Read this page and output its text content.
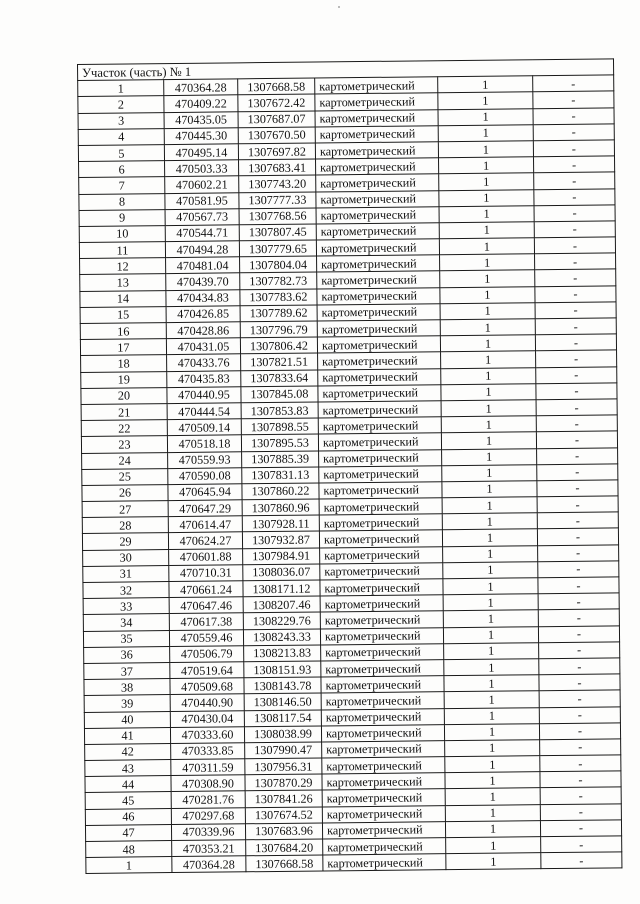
Участок (часть) № 1					
1	470364.28	1307668.58	картометрический	1	-
2	470409.22	1307672.42	картометрический	1	-
3	470435.05	1307687.07	картометрический	1	-
4	470445.30	1307670.50	картометрический	1	-
5	470495.14	1307697.82	картометрический	1	-
6	470503.33	1307683.41	картометрический	1	-
7	470602.21	1307743.20	картометрический	1	-
8	470581.95	1307777.33	картометрический	1	-
9	470567.73	1307768.56	картометрический	1	-
10	470544.71	1307807.45	картометрический	1	-
11	470494.28	1307779.65	картометрический	1	-
12	470481.04	1307804.04	картометрический	1	-
13	470439.70	1307782.73	картометрический	1	-
14	470434.83	1307783.62	картометрический	1	-
15	470426.85	1307789.62	картометрический	1	-
16	470428.86	1307796.79	картометрический	1	-
17	470431.05	1307806.42	картометрический	1	-
18	470433.76	1307821.51	картометрический	1	-
19	470435.83	1307833.64	картометрический	1	-
20	470440.95	1307845.08	картометрический	1	-
21	470444.54	1307853.83	картометрический	1	-
22	470509.14	1307898.55	картометрический	1	-
23	470518.18	1307895.53	картометрический	1	-
24	470559.93	1307885.39	картометрический	1	-
25	470590.08	1307831.13	картометрический	1	-
26	470645.94	1307860.22	картометрический	1	-
27	470647.29	1307860.96	картометрический	1	-
28	470614.47	1307928.11	картометрический	1	-
29	470624.27	1307932.87	картометрический	1	-
30	470601.88	1307984.91	картометрический	1	-
31	470710.31	1308036.07	картометрический	1	-
32	470661.24	1308171.12	картометрический	1	-
33	470647.46	1308207.46	картометрический	1	-
34	470617.38	1308229.76	картометрический	1	-
35	470559.46	1308243.33	картометрический	1	-
36	470506.79	1308213.83	картометрический	1	-
37	470519.64	1308151.93	картометрический	1	-
38	470509.68	1308143.78	картометрический	1	-
39	470440.90	1308146.50	картометрический	1	-
40	470430.04	1308117.54	картометрический	1	-
41	470333.60	1308038.99	картометрический	1	-
42	470333.85	1307990.47	картометрический	1	-
43	470311.59	1307956.31	картометрический	1	-
44	470308.90	1307870.29	картометрический	1	-
45	470281.76	1307841.26	картометрический	1	-
46	470297.68	1307674.52	картометрический	1	-
47	470339.96	1307683.96	картометрический	1	-
48	470353.21	1307684.20	картометрический	1	-
1	470364.28	1307668.58	картометрический	1	-
